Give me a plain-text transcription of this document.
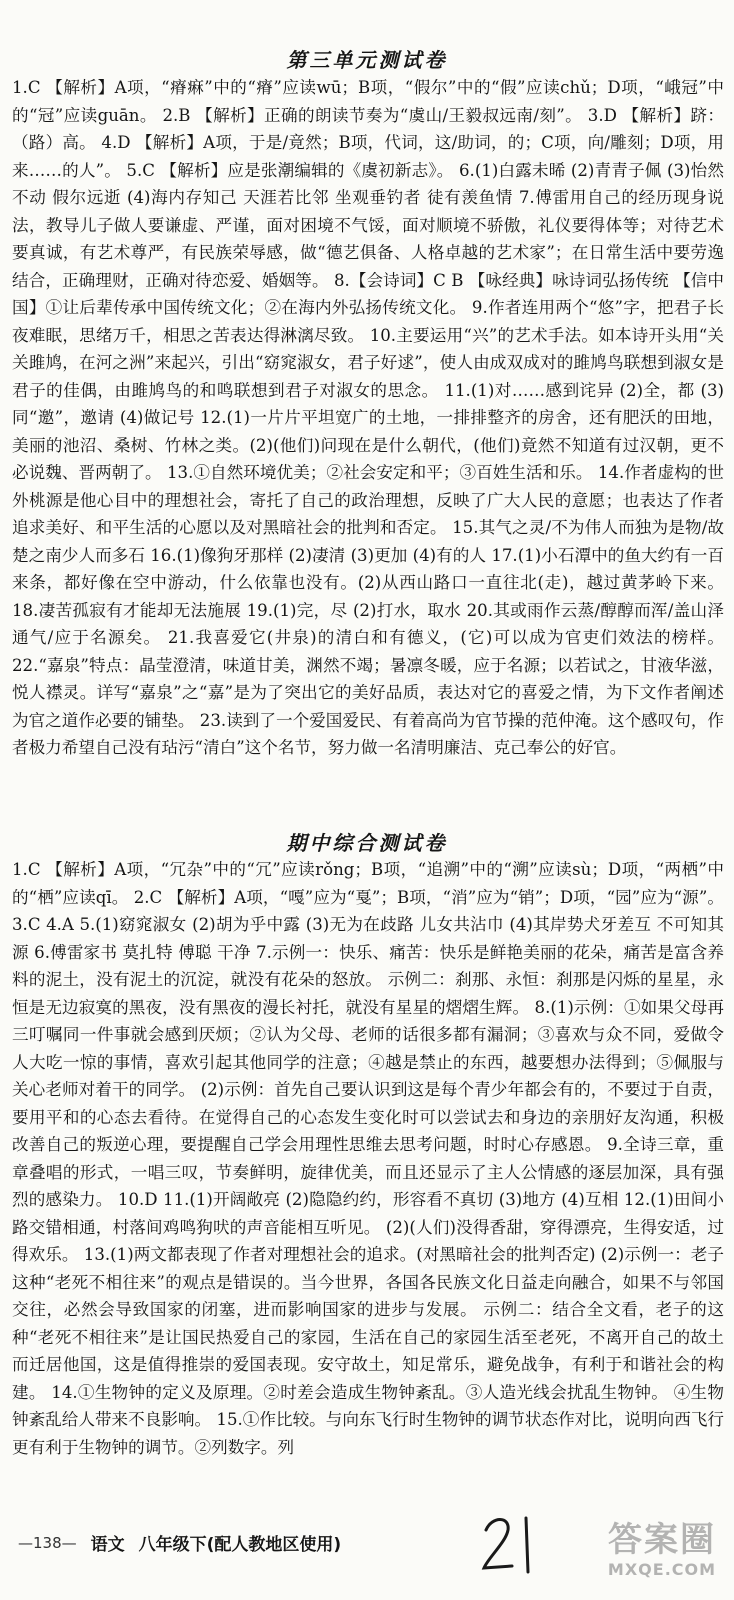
第三单元测试卷

1.C 【解析】A项，“瘠痳”中的“瘠”应读wū；B项，“假尔”中的“假”应读chǔ；D项，“峨冠”中的“冠”应读guān。 2.B 【解析】正确的朗读节奏为“虞山/王毅叔远南/刻”。 3.D 【解析】跻：（路）高。 4.D 【解析】A项，于是/竟然；B项，代词，这/助词，的；C项，向/雕刻；D项，用来……的人”。 5.C 【解析】应是张潮编辑的《虞初新志》。 6.(1)白露未晞 (2)青青子佩 (3)怡然不动 假尔远逝 (4)海内存知己 天涯若比邻 坐观垂钓者 徒有羡鱼情 7.傅雷用自己的经历现身说法，教导儿子做人要谦虚、严谨，面对困境不气馁，面对顺境不骄傲，礼仪要得体等；对待艺术要真诚，有艺术尊严，有民族荣辱感，做“德艺俱备、人格卓越的艺术家”；在日常生活中要劳逸结合，正确理财，正确对待恋爱、婚姻等。 8.【会诗词】C B 【咏经典】咏诗词弘扬传统 【信中国】①让后辈传承中国传统文化；②在海内外弘扬传统文化。 9.作者连用两个“悠”字，把君子长夜难眠，思绪万千，相思之苦表达得淋漓尽致。 10.主要运用“兴”的艺术手法。如本诗开头用“关关雎鸠，在河之洲”来起兴，引出“窈窕淑女，君子好逑”，使人由成双成对的雎鸠鸟联想到淑女是君子的佳偶，由雎鸠鸟的和鸣联想到君子对淑女的思念。 11.(1)对……感到诧异 (2)全，都 (3)同“邀”，邀请 (4)做记号 12.(1)一片片平坦宽广的土地，一排排整齐的房舍，还有肥沃的田地，美丽的池沼、桑树、竹林之类。(2)(他们)问现在是什么朝代，(他们)竟然不知道有过汉朝，更不必说魏、晋两朝了。 13.①自然环境优美；②社会安定和平；③百姓生活和乐。 14.作者虚构的世外桃源是他心目中的理想社会，寄托了自己的政治理想，反映了广大人民的意愿；也表达了作者追求美好、和平生活的心愿以及对黑暗社会的批判和否定。 15.其气之灵/不为伟人而独为是物/故楚之南少人而多石 16.(1)像狗牙那样 (2)凄清 (3)更加 (4)有的人 17.(1)小石潭中的鱼大约有一百来条，都好像在空中游动，什么依靠也没有。(2)从西山路口一直往北(走)，越过黄茅岭下来。 18.凄苦孤寂有才能却无法施展 19.(1)完，尽 (2)打水，取水 20.其或雨作云蒸/醇醇而浑/盖山泽通气/应于名源矣。 21.我喜爱它(井泉)的清白和有德义，(它)可以成为官吏们效法的榜样。 22.“嘉泉”特点：晶莹澄清，味道甘美，渊然不竭；暑凛冬暖，应于名源；以若试之，甘液华滋，悦人襟灵。详写“嘉泉”之“嘉”是为了突出它的美好品质，表达对它的喜爱之情，为下文作者阐述为官之道作必要的铺垫。 23.读到了一个爱国爱民、有着高尚为官节操的范仲淹。这个感叹句，作者极力希望自己没有玷污“清白”这个名节，努力做一名清明廉洁、克己奉公的好官。

期中综合测试卷

1.C 【解析】A项，“冗杂”中的“冗”应读rǒng；B项，“追溯”中的“溯”应读sù；D项，“两栖”中的“栖”应读qī。 2.C 【解析】A项，“嘎”应为“戛”；B项，“消”应为“销”；D项，“园”应为“源”。 3.C 4.A 5.(1)窈窕淑女 (2)胡为乎中露 (3)无为在歧路 儿女共沾巾 (4)其岸势犬牙差互 不可知其源 6.傅雷家书 莫扎特 傅聪 干净 7.示例一：快乐、痛苦：快乐是鲜艳美丽的花朵，痛苦是富含养料的泥土，没有泥土的沉淀，就没有花朵的怒放。 示例二：刹那、永恒：刹那是闪烁的星星，永恒是无边寂寞的黑夜，没有黑夜的漫长衬托，就没有星星的熠熠生辉。 8.(1)示例：①如果父母再三叮嘱同一件事就会感到厌烦；②认为父母、老师的话很多都有漏洞；③喜欢与众不同，爱做令人大吃一惊的事情，喜欢引起其他同学的注意；④越是禁止的东西，越要想办法得到；⑤佩服与关心老师对着干的同学。 (2)示例：首先自己要认识到这是每个青少年都会有的，不要过于自责，要用平和的心态去看待。在觉得自己的心态发生变化时可以尝试去和身边的亲朋好友沟通，积极改善自己的叛逆心理，要提醒自己学会用理性思维去思考问题，时时心存感恩。 9.全诗三章，重章叠唱的形式，一唱三叹，节奏鲜明，旋律优美，而且还显示了主人公情感的逐层加深，具有强烈的感染力。 10.D 11.(1)开阔敞亮 (2)隐隐约约，形容看不真切 (3)地方 (4)互相 12.(1)田间小路交错相通，村落间鸡鸣狗吠的声音能相互听见。 (2)(人们)没得香甜，穿得漂亮，生得安适，过得欢乐。 13.(1)两文都表现了作者对理想社会的追求。(对黑暗社会的批判否定) (2)示例一：老子这种“老死不相往来”的观点是错误的。当今世界，各国各民族文化日益走向融合，如果不与邻国交往，必然会导致国家的闭塞，进而影响国家的进步与发展。 示例二：结合全文看，老子的这种“老死不相往来”是让国民热爱自己的家园，生活在自己的家园生活至老死，不离开自己的故土而迁居他国，这是值得推崇的爱国表现。安守故土，知足常乐，避免战争，有利于和谐社会的构建。 14.①生物钟的定义及原理。②时差会造成生物钟紊乱。③人造光线会扰乱生物钟。 ④生物钟紊乱给人带来不良影响。 15.①作比较。与向东飞行时生物钟的调节状态作对比，说明向西飞行更有利于生物钟的调节。②列数字。列

—138— 语文 八年级下(配人教地区使用)	答案圈
MXQE.COM
